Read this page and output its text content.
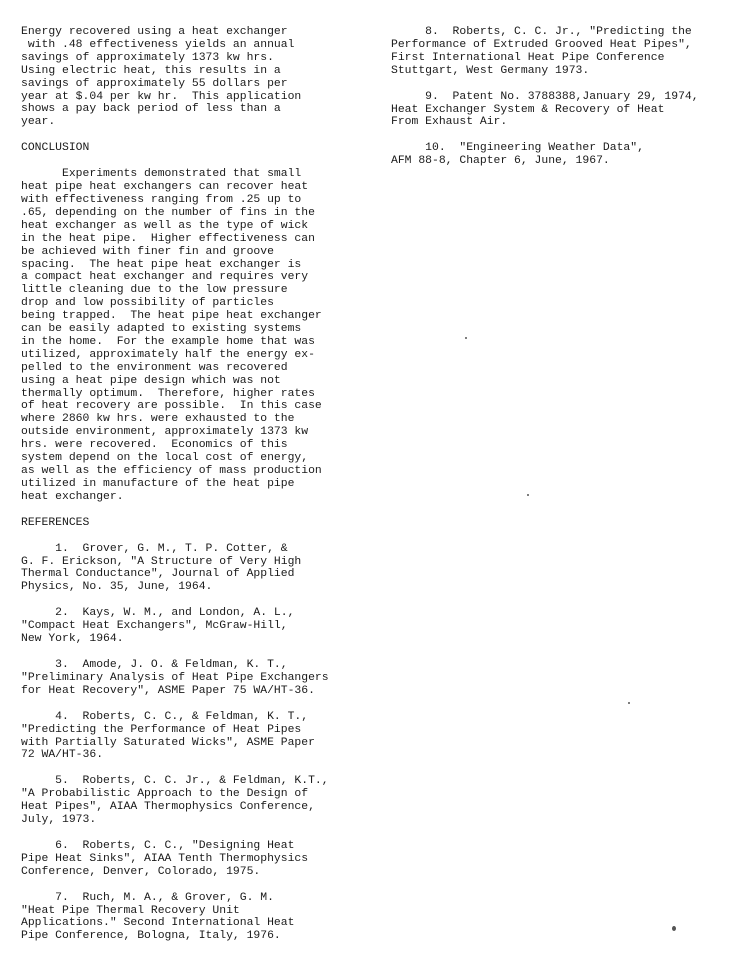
Energy recovered using a heat exchanger
with .48 effectiveness yields an annual
savings of approximately 1373 kw hrs.
Using electric heat, this results in a
savings of approximately 55 dollars per
year at $.04 per kw hr.  This application
shows a pay back period of less than a
year.
CONCLUSION
Experiments demonstrated that small
heat pipe heat exchangers can recover heat
with effectiveness ranging from .25 up to
.65, depending on the number of fins in the
heat exchanger as well as the type of wick
in the heat pipe.  Higher effectiveness can
be achieved with finer fin and groove
spacing.  The heat pipe heat exchanger is
a compact heat exchanger and requires very
little cleaning due to the low pressure
drop and low possibility of particles
being trapped.  The heat pipe heat exchanger
can be easily adapted to existing systems
in the home.  For the example home that was
utilized, approximately half the energy ex-
pelled to the environment was recovered
using a heat pipe design which was not
thermally optimum.  Therefore, higher rates
of heat recovery are possible.  In this case
where 2860 kw hrs. were exhausted to the
outside environment, approximately 1373 kw
hrs. were recovered.  Economics of this
system depend on the local cost of energy,
as well as the efficiency of mass production
utilized in manufacture of the heat pipe
heat exchanger.
REFERENCES
1.  Grover, G. M., T. P. Cotter, &
G. F. Erickson, "A Structure of Very High
Thermal Conductance", Journal of Applied
Physics, No. 35, June, 1964.
2.  Kays, W. M., and London, A. L.,
"Compact Heat Exchangers", McGraw-Hill,
New York, 1964.
3.  Amode, J. O. & Feldman, K. T.,
"Preliminary Analysis of Heat Pipe Exchangers
for Heat Recovery", ASME Paper 75 WA/HT-36.
4.  Roberts, C. C., & Feldman, K. T.,
"Predicting the Performance of Heat Pipes
with Partially Saturated Wicks", ASME Paper
72 WA/HT-36.
5.  Roberts, C. C. Jr., & Feldman, K.T.,
"A Probabilistic Approach to the Design of
Heat Pipes", AIAA Thermophysics Conference,
July, 1973.
6.  Roberts, C. C., "Designing Heat
Pipe Heat Sinks", AIAA Tenth Thermophysics
Conference, Denver, Colorado, 1975.
7.  Ruch, M. A., & Grover, G. M.
"Heat Pipe Thermal Recovery Unit
Applications." Second International Heat
Pipe Conference, Bologna, Italy, 1976.
8.  Roberts, C. C. Jr., "Predicting the
Performance of Extruded Grooved Heat Pipes",
First International Heat Pipe Conference
Stuttgart, West Germany 1973.
9.  Patent No. 3788388,January 29, 1974,
Heat Exchanger System & Recovery of Heat
From Exhaust Air.
10.  "Engineering Weather Data",
AFM 88-8, Chapter 6, June, 1967.
